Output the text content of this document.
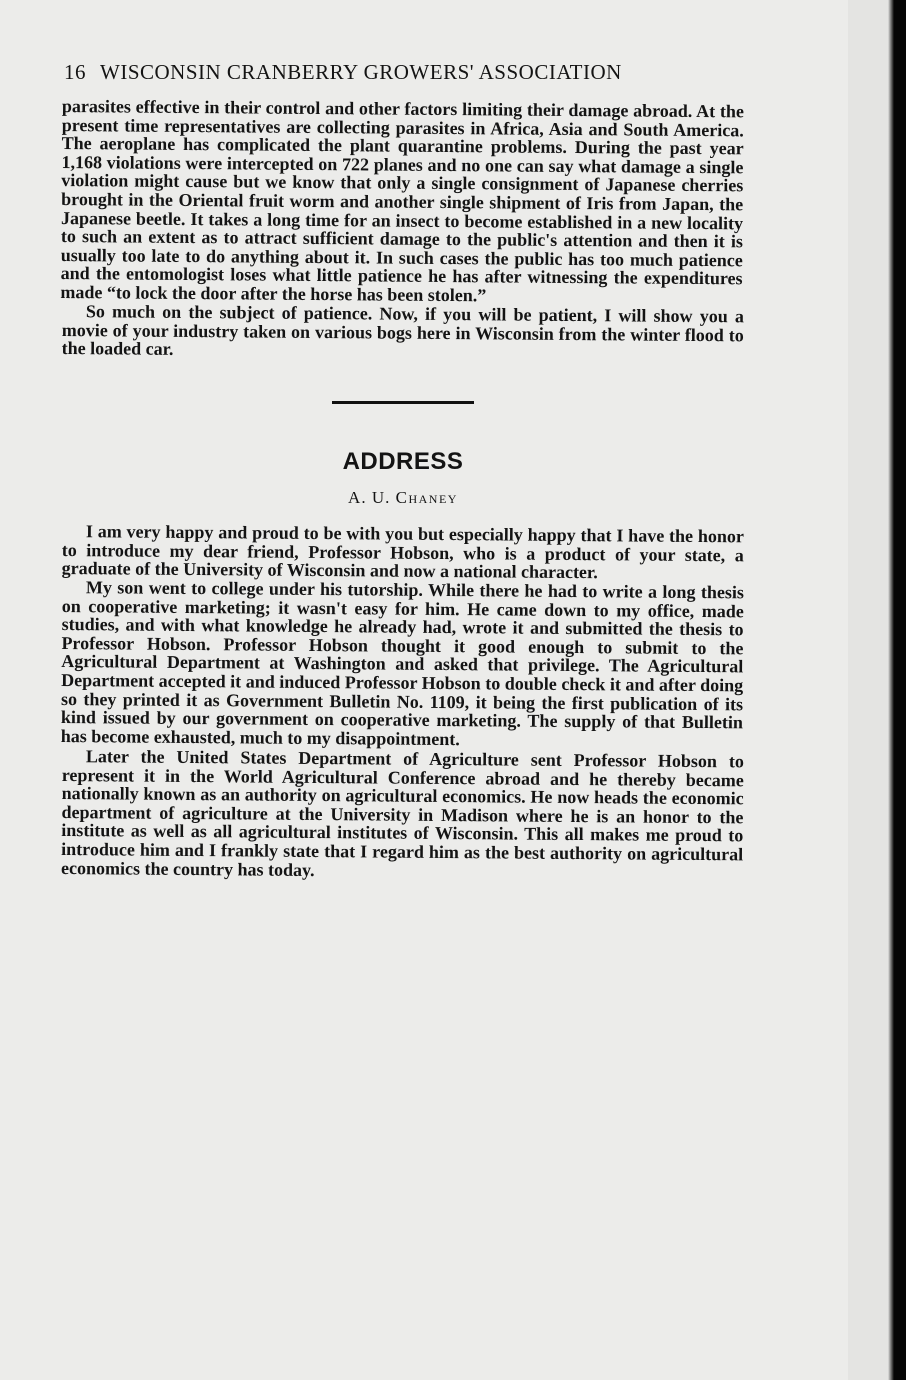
16 WISCONSIN CRANBERRY GROWERS' ASSOCIATION

parasites effective in their control and other factors limiting their damage abroad. At the present time representatives are collecting parasites in Africa, Asia and South America. The aeroplane has complicated the plant quarantine problems. During the past year 1,168 violations were intercepted on 722 planes and no one can say what damage a single violation might cause but we know that only a single consignment of Japanese cherries brought in the Oriental fruit worm and another single shipment of Iris from Japan, the Japanese beetle. It takes a long time for an insect to become established in a new locality to such an extent as to attract sufficient damage to the public's attention and then it is usually too late to do anything about it. In such cases the public has too much patience and the entomologist loses what little patience he has after witnessing the expenditures made “to lock the door after the horse has been stolen.”

So much on the subject of patience. Now, if you will be patient, I will show you a movie of your industry taken on various bogs here in Wisconsin from the winter flood to the loaded car.

ADDRESS
A. U. Chaney

I am very happy and proud to be with you but especially happy that I have the honor to introduce my dear friend, Professor Hobson, who is a product of your state, a graduate of the University of Wisconsin and now a national character.

My son went to college under his tutorship. While there he had to write a long thesis on cooperative marketing; it wasn't easy for him. He came down to my office, made studies, and with what knowledge he already had, wrote it and submitted the thesis to Professor Hobson. Professor Hobson thought it good enough to submit to the Agricultural Department at Washington and asked that privilege. The Agricultural Department accepted it and induced Professor Hobson to double check it and after doing so they printed it as Government Bulletin No. 1109, it being the first publication of its kind issued by our government on cooperative marketing. The supply of that Bulletin has become exhausted, much to my disappointment.

Later the United States Department of Agriculture sent Professor Hobson to represent it in the World Agricultural Conference abroad and he thereby became nationally known as an authority on agricultural economics. He now heads the economic department of agriculture at the University in Madison where he is an honor to the institute as well as all agricultural institutes of Wisconsin. This all makes me proud to introduce him and I frankly state that I regard him as the best authority on agricultural economics the country has today.
